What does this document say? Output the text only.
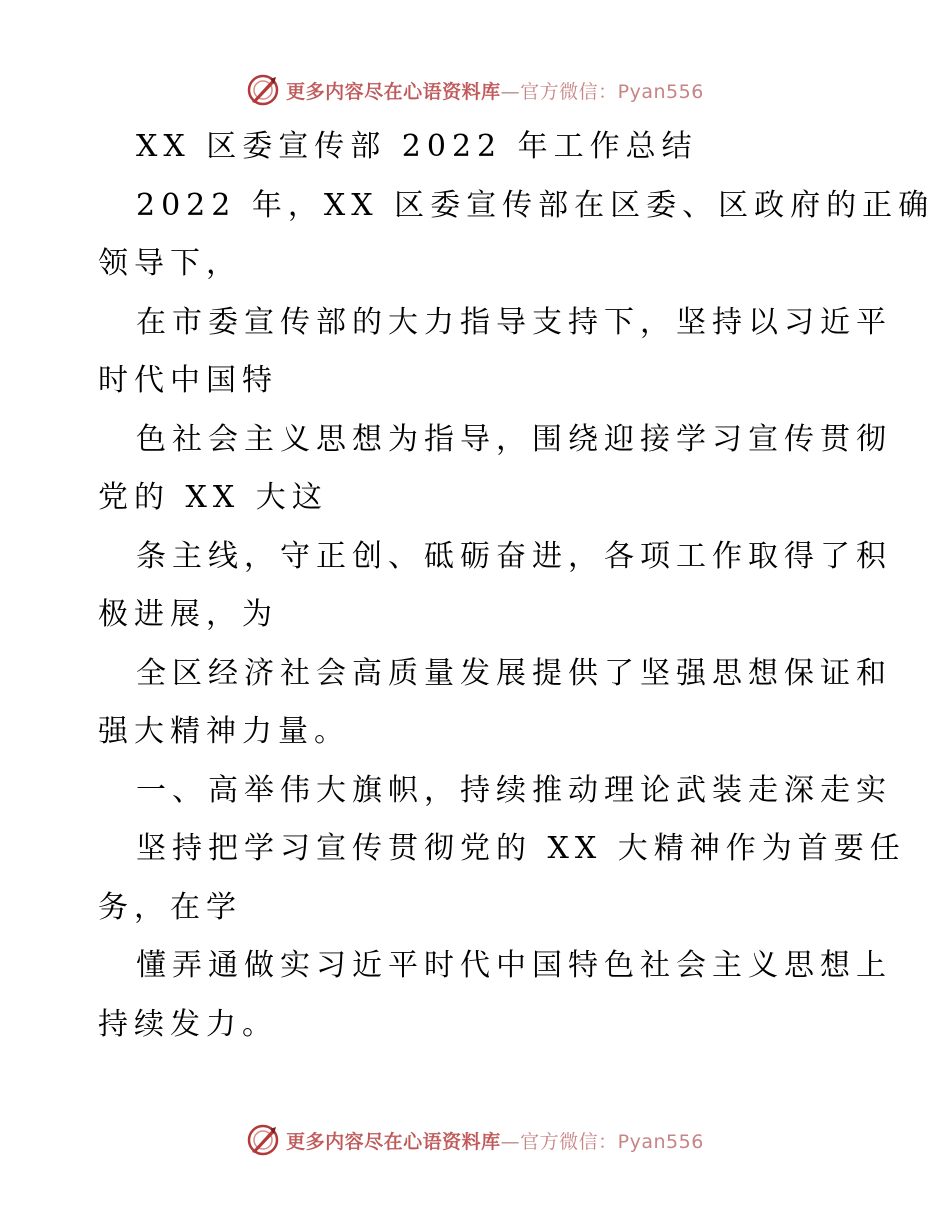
更多内容尽在心语资料库—官方微信：Pyan556
XX 区委宣传部 2022 年工作总结
2022 年，XX 区委宣传部在区委、区政府的正确
领导下，
在市委宣传部的大力指导支持下，坚持以习近平
时代中国特
色社会主义思想为指导，围绕迎接学习宣传贯彻
党的 XX 大这
条主线，守正创、砥砺奋进，各项工作取得了积
极进展，为
全区经济社会高质量发展提供了坚强思想保证和
强大精神力量。
一、高举伟大旗帜，持续推动理论武装走深走实
坚持把学习宣传贯彻党的 XX 大精神作为首要任
务，在学
懂弄通做实习近平时代中国特色社会主义思想上
持续发力。
更多内容尽在心语资料库—官方微信：Pyan556
